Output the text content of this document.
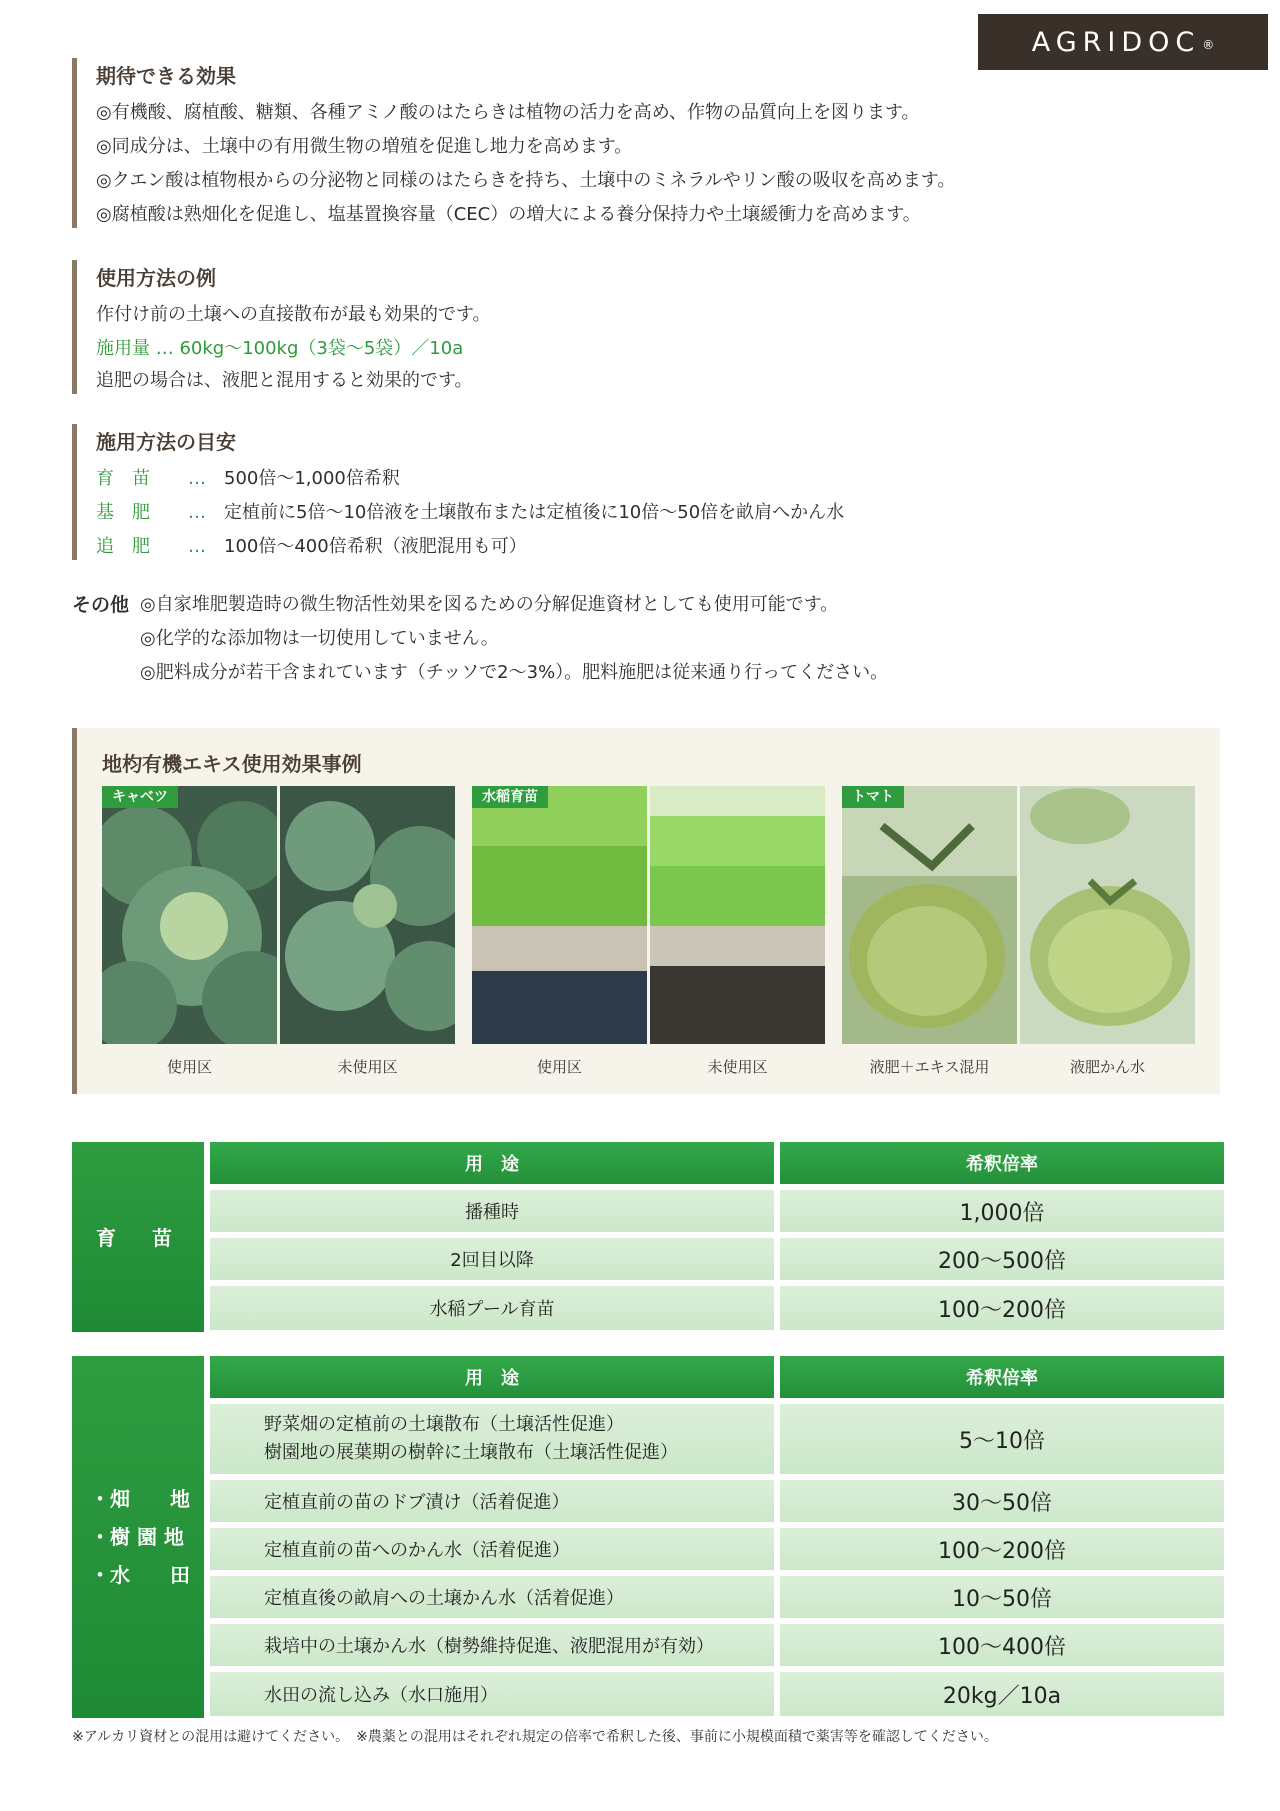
AGRIDOC ®
期待できる効果
◎有機酸、腐植酸、糖類、各種アミノ酸のはたらきは植物の活力を高め、作物の品質向上を図ります。
◎同成分は、土壌中の有用微生物の増殖を促進し地力を高めます。
◎クエン酸は植物根からの分泌物と同様のはたらきを持ち、土壌中のミネラルやリン酸の吸収を高めます。
◎腐植酸は熟畑化を促進し、塩基置換容量（CEC）の増大による養分保持力や土壌緩衝力を高めます。
使用方法の例
作付け前の土壌への直接散布が最も効果的です。
施用量 … 60kg～100kg（3袋～5袋）／10a
追肥の場合は、液肥と混用すると効果的です。
施用方法の目安
育　苗 …　 500倍～1,000倍希釈
基　肥 …　 定植前に5倍～10倍液を土壌散布または定植後に10倍～50倍を畝肩へかん水
追　肥 …　 100倍～400倍希釈（液肥混用も可）
その他 ◎自家堆肥製造時の微生物活性効果を図るための分解促進資材としても使用可能です。
◎化学的な添加物は一切使用していません。
◎肥料成分が若干含まれています（チッソで2～3%）。肥料施肥は従来通り行ってください。
地枃有機エキス使用効果事例
キャベツ
使用区	未使用区
水稲育苗
使用区	未使用区
トマト
液肥＋エキス混用	液肥かん水
育　苗
用　途	希釈倍率
播種時	1,000倍
2回目以降	200～500倍
水稲プール育苗	100～200倍
・畑　　地
・樹 園 地
・水　　田
用　途	希釈倍率
野菜畑の定植前の土壌散布（土壌活性促進）
樹園地の展葉期の樹幹に土壌散布（土壌活性促進）	5～10倍
定植直前の苗のドブ漬け（活着促進）	30～50倍
定植直前の苗へのかん水（活着促進）	100～200倍
定植直後の畝肩への土壌かん水（活着促進）	10～50倍
栽培中の土壌かん水（樹勢維持促進、液肥混用が有効）	100～400倍
水田の流し込み（水口施用）	20kg／10a
※アルカリ資材との混用は避けてください。　※農薬との混用はそれぞれ規定の倍率で希釈した後、事前に小規模面積で薬害等を確認してください。
